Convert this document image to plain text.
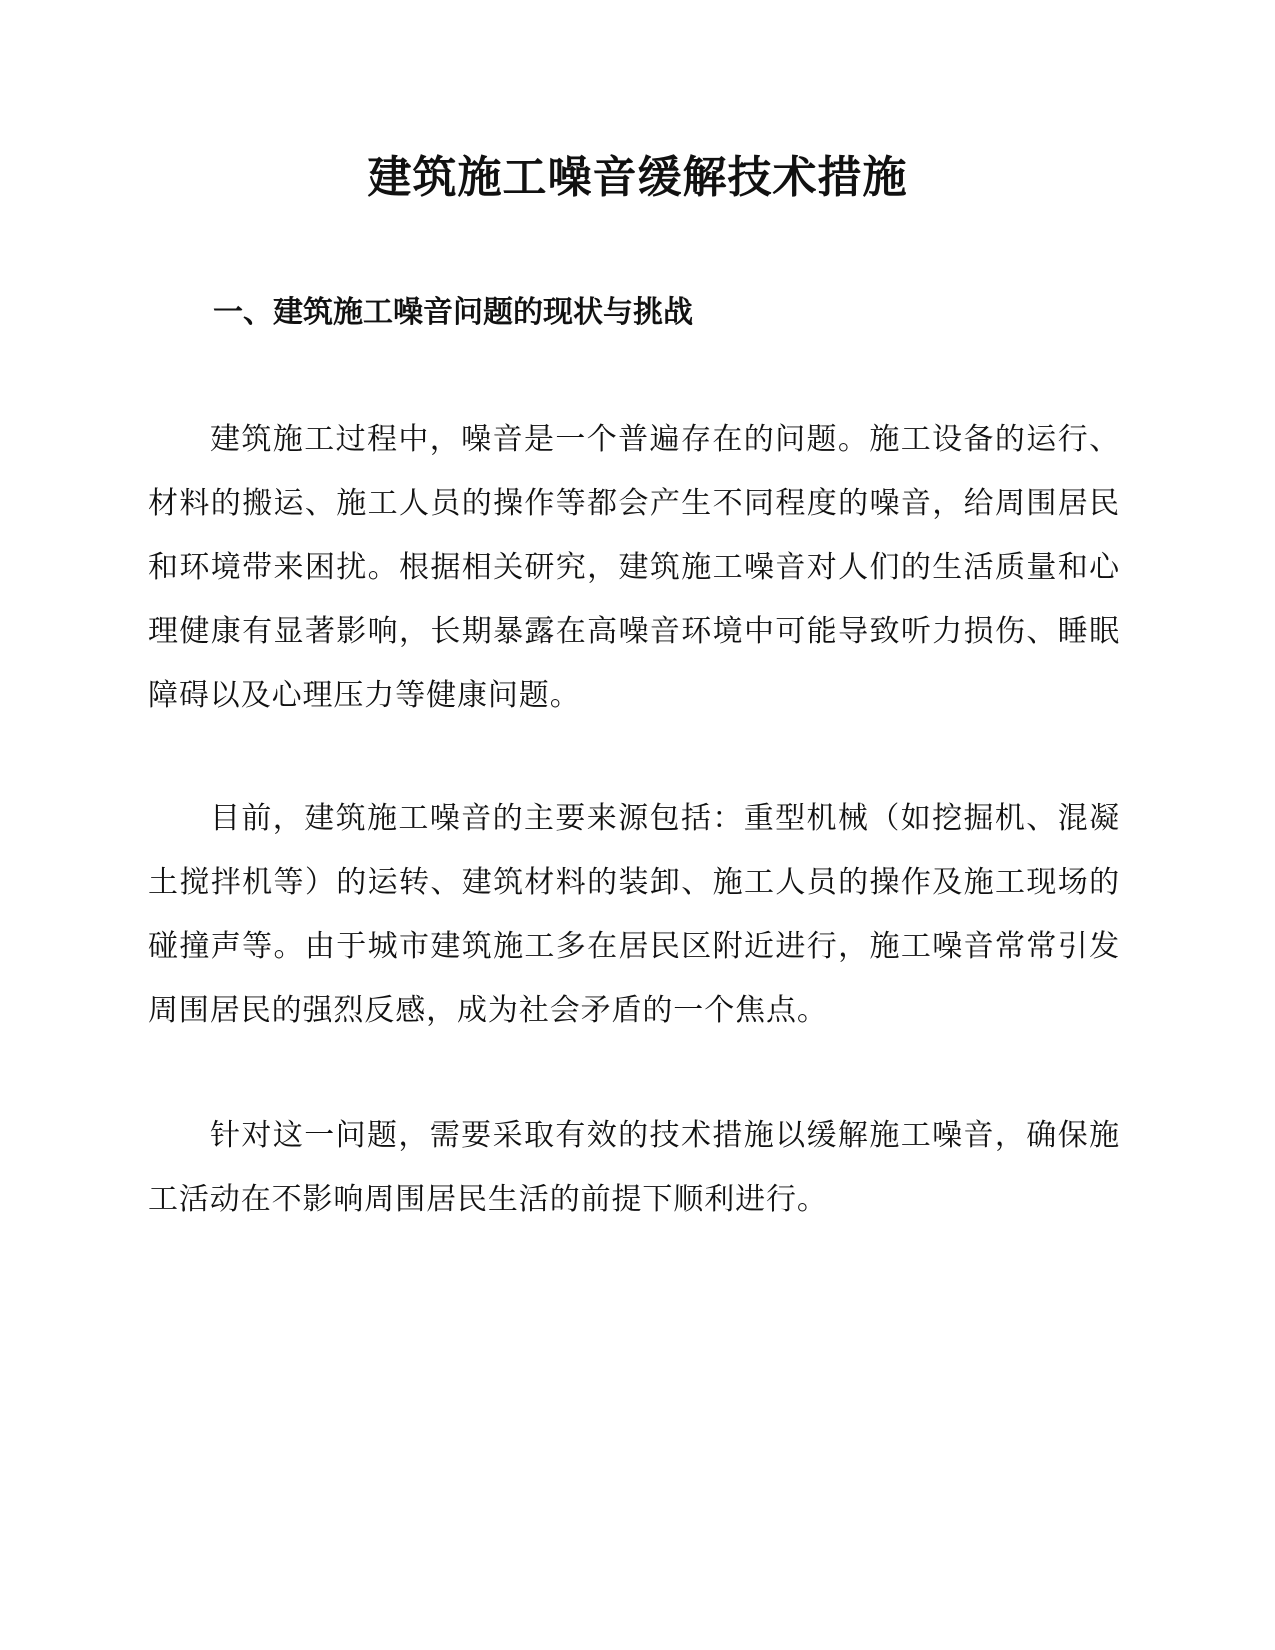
建筑施工噪音缓解技术措施
一、建筑施工噪音问题的现状与挑战

建筑施工过程中，噪音是一个普遍存在的问题。施工设备的运行、材料的搬运、施工人员的操作等都会产生不同程度的噪音，给周围居民和环境带来困扰。根据相关研究，建筑施工噪音对人们的生活质量和心理健康有显著影响，长期暴露在高噪音环境中可能导致听力损伤、睡眠障碍以及心理压力等健康问题。

目前，建筑施工噪音的主要来源包括：重型机械（如挖掘机、混凝土搅拌机等）的运转、建筑材料的装卸、施工人员的操作及施工现场的碰撞声等。由于城市建筑施工多在居民区附近进行，施工噪音常常引发周围居民的强烈反感，成为社会矛盾的一个焦点。

针对这一问题，需要采取有效的技术措施以缓解施工噪音，确保施工活动在不影响周围居民生活的前提下顺利进行。
